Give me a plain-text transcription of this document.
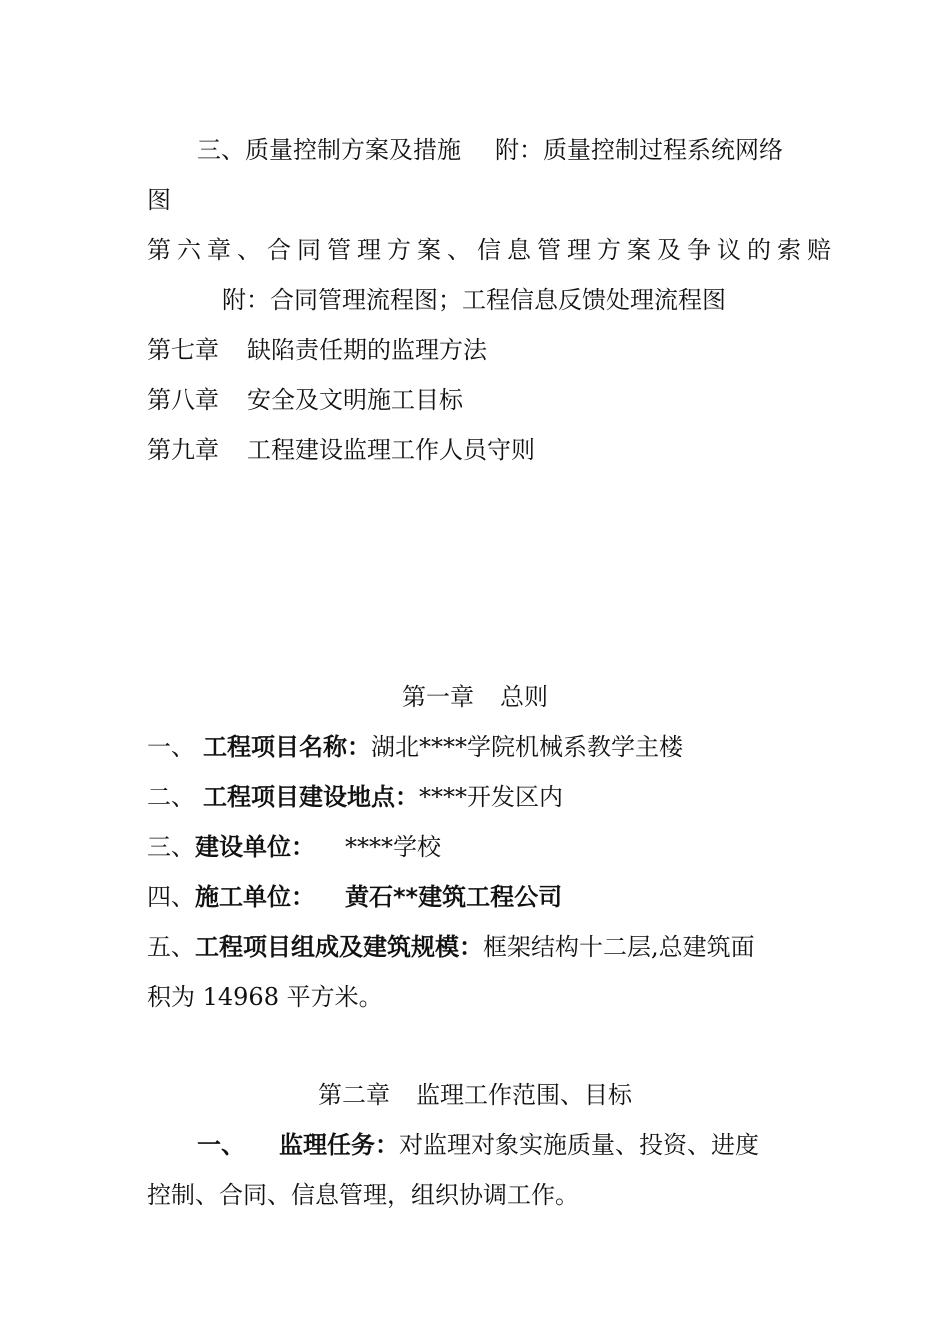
三、质量控制方案及措施 附：质量控制过程系统网络
图
第六章、合同管理方案、信息管理方案及争议的索赔
附：合同管理流程图；工程信息反馈处理流程图
第七章 缺陷责任期的监理方法
第八章 安全及文明施工目标
第九章 工程建设监理工作人员守则
第一章 总则
一、 工程项目名称：湖北****学院机械系教学主楼
二、 工程项目建设地点：****开发区内
三、建设单位： ****学校
四、施工单位： 黄石**建筑工程公司
五、工程项目组成及建筑规模：框架结构十二层,总建筑面
积为 14968 平方米。
第二章 监理工作范围、目标
一、 监理任务：对监理对象实施质量、投资、进度
控制、合同、信息管理，组织协调工作。
